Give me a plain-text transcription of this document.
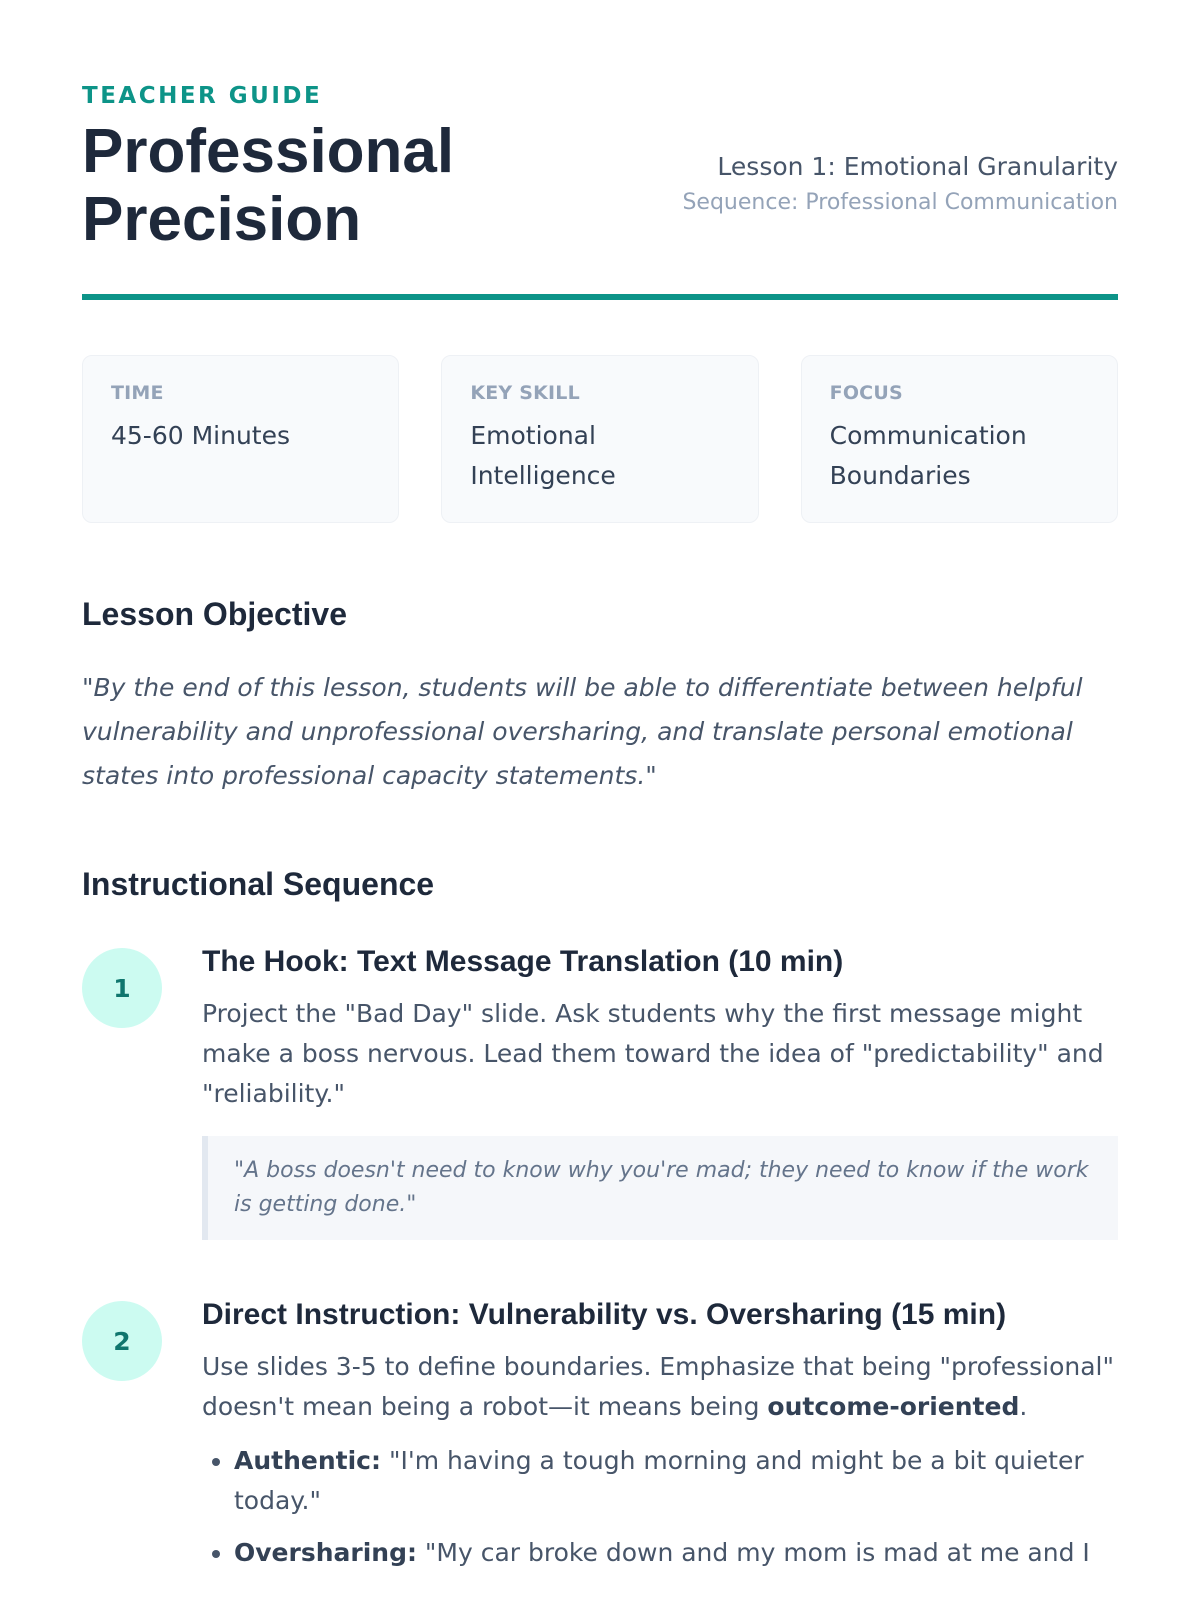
TEACHER GUIDE
Professional Precision
Lesson 1: Emotional Granularity
Sequence: Professional Communication
TIME
45-60 Minutes
KEY SKILL
Emotional Intelligence
FOCUS
Communication Boundaries
Lesson Objective
"By the end of this lesson, students will be able to differentiate between helpful vulnerability and unprofessional oversharing, and translate personal emotional states into professional capacity statements."
Instructional Sequence
1
The Hook: Text Message Translation (10 min)
Project the "Bad Day" slide. Ask students why the first message might make a boss nervous. Lead them toward the idea of "predictability" and "reliability."
"A boss doesn't need to know why you're mad; they need to know if the work is getting done."
2
Direct Instruction: Vulnerability vs. Oversharing (15 min)
Use slides 3-5 to define boundaries. Emphasize that being "professional" doesn't mean being a robot—it means being outcome-oriented.
• Authentic: "I'm having a tough morning and might be a bit quieter today."
• Oversharing: "My car broke down and my mom is mad at me and I
